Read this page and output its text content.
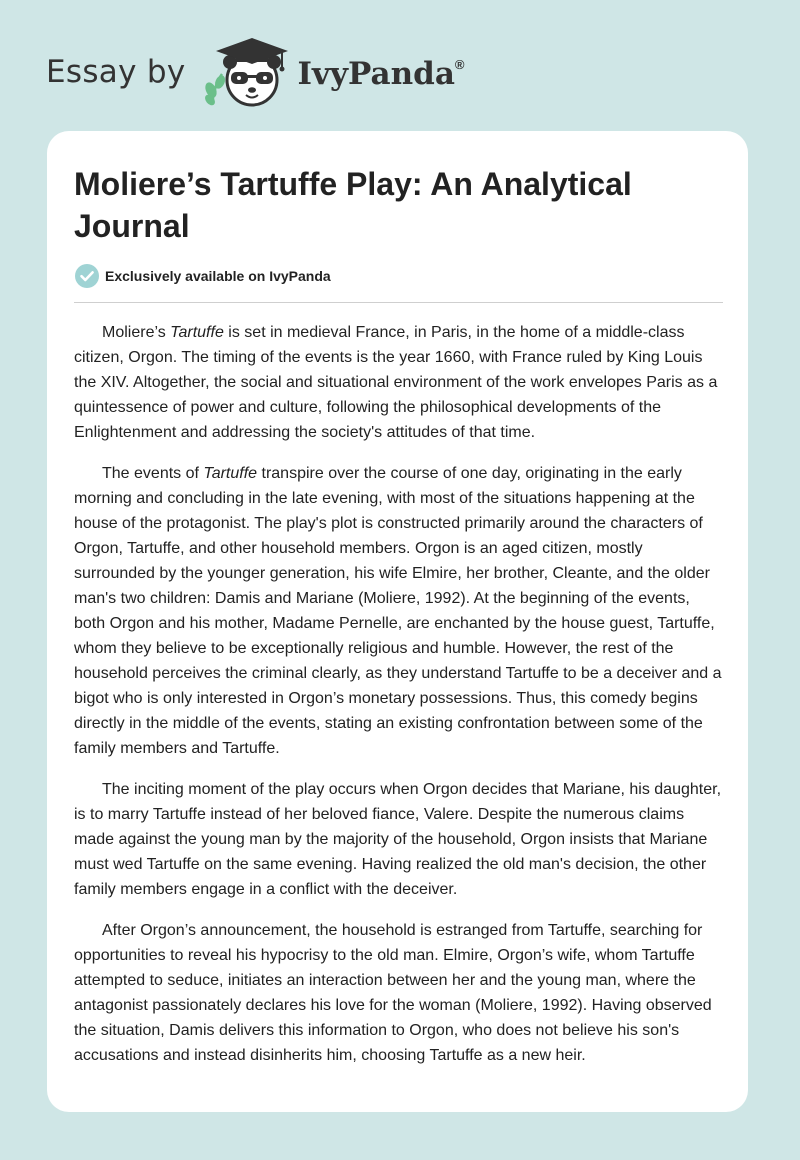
Essay by	IvyPanda®
Moliere’s Tartuffe Play: An Analytical Journal
Exclusively available on IvyPanda

Moliere’s Tartuffe is set in medieval France, in Paris, in the home of a middle-class citizen, Orgon. The timing of the events is the year 1660, with France ruled by King Louis the XIV. Altogether, the social and situational environment of the work envelopes Paris as a quintessence of power and culture, following the philosophical developments of the Enlightenment and addressing the society's attitudes of that time.

The events of Tartuffe transpire over the course of one day, originating in the early morning and concluding in the late evening, with most of the situations happening at the house of the protagonist. The play's plot is constructed primarily around the characters of Orgon, Tartuffe, and other household members. Orgon is an aged citizen, mostly surrounded by the younger generation, his wife Elmire, her brother, Cleante, and the older man's two children: Damis and Mariane (Moliere, 1992). At the beginning of the events, both Orgon and his mother, Madame Pernelle, are enchanted by the house guest, Tartuffe, whom they believe to be exceptionally religious and humble. However, the rest of the household perceives the criminal clearly, as they understand Tartuffe to be a deceiver and a bigot who is only interested in Orgon’s monetary possessions. Thus, this comedy begins directly in the middle of the events, stating an existing confrontation between some of the family members and Tartuffe.

The inciting moment of the play occurs when Orgon decides that Mariane, his daughter, is to marry Tartuffe instead of her beloved fiance, Valere. Despite the numerous claims made against the young man by the majority of the household, Orgon insists that Mariane must wed Tartuffe on the same evening. Having realized the old man's decision, the other family members engage in a conflict with the deceiver.

After Orgon’s announcement, the household is estranged from Tartuffe, searching for opportunities to reveal his hypocrisy to the old man. Elmire, Orgon’s wife, whom Tartuffe attempted to seduce, initiates an interaction between her and the young man, where the antagonist passionately declares his love for the woman (Moliere, 1992). Having observed the situation, Damis delivers this information to Orgon, who does not believe his son's accusations and instead disinherits him, choosing Tartuffe as a new heir.
